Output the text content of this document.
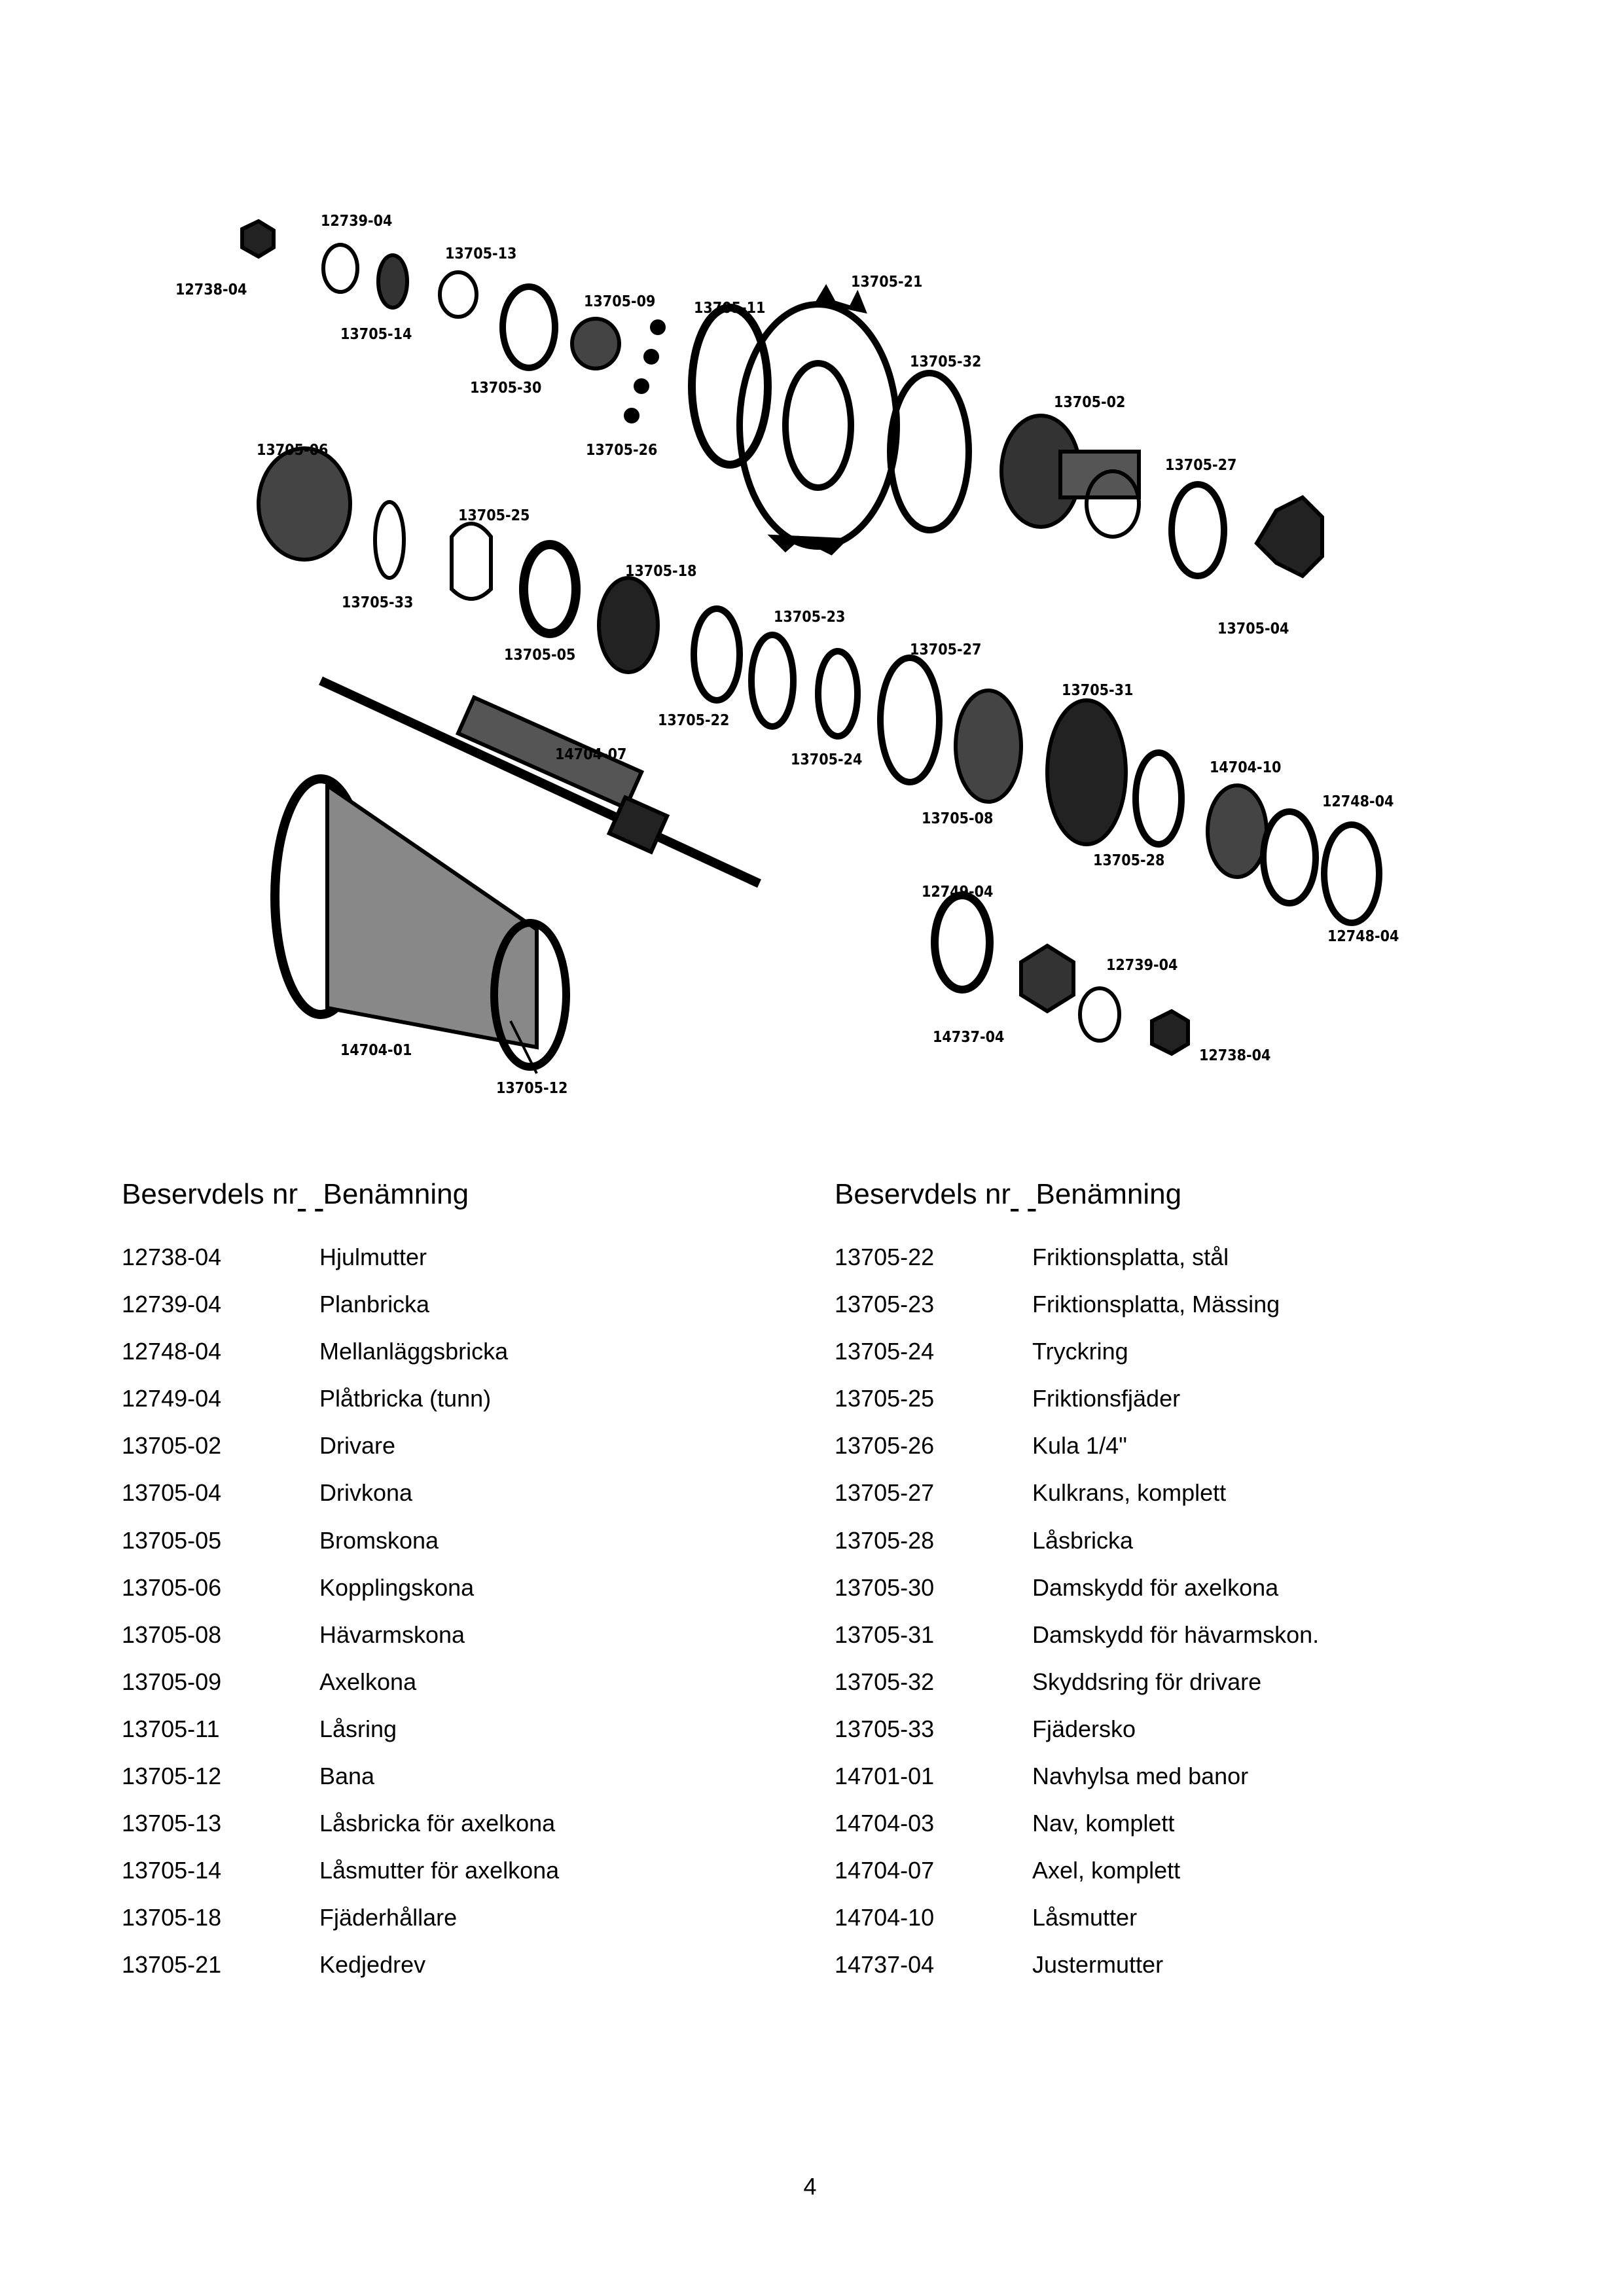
12739-04
12738-04
13705-13
13705-14
13705-09	13705-11
13705-21
13705-30
13705-32
13705-02
13705-06	13705-26
13705-27
13705-25
13705-18
13705-33
13705-05
13705-23
13705-04
13705-27
13705-31
13705-22
14704-07	13705-24	14704-10
12748-04
13705-08
13705-28
12749-04
12748-04
12739-04
14704-01
14737-04
12738-04
13705-12
Beservdels nr Benämning	Beservdels nr Benämning
12738-04	Hjulmutter
12739-04	Planbricka
12748-04	Mellanläggsbricka
12749-04	Plåtbricka (tunn)
13705-02	Drivare
13705-04	Drivkona
13705-05	Bromskona
13705-06	Kopplingskona
13705-08	Hävarmskona
13705-09	Axelkona
13705-11	Låsring
13705-12	Bana
13705-13	Låsbricka för axelkona
13705-14	Låsmutter för axelkona
13705-18	Fjäderhållare
13705-21	Kedjedrev
13705-22	Friktionsplatta, stål
13705-23	Friktionsplatta, Mässing
13705-24	Tryckring
13705-25	Friktionsfjäder
13705-26	Kula 1/4"
13705-27	Kulkrans, komplett
13705-28	Låsbricka
13705-30	Damskydd för axelkona
13705-31	Damskydd för hävarmskon.
13705-32	Skyddsring för drivare
13705-33	Fjädersko
14701-01	Navhylsa med banor
14704-03	Nav, komplett
14704-07	Axel, komplett
14704-10	Låsmutter
14737-04	Justermutter
4
